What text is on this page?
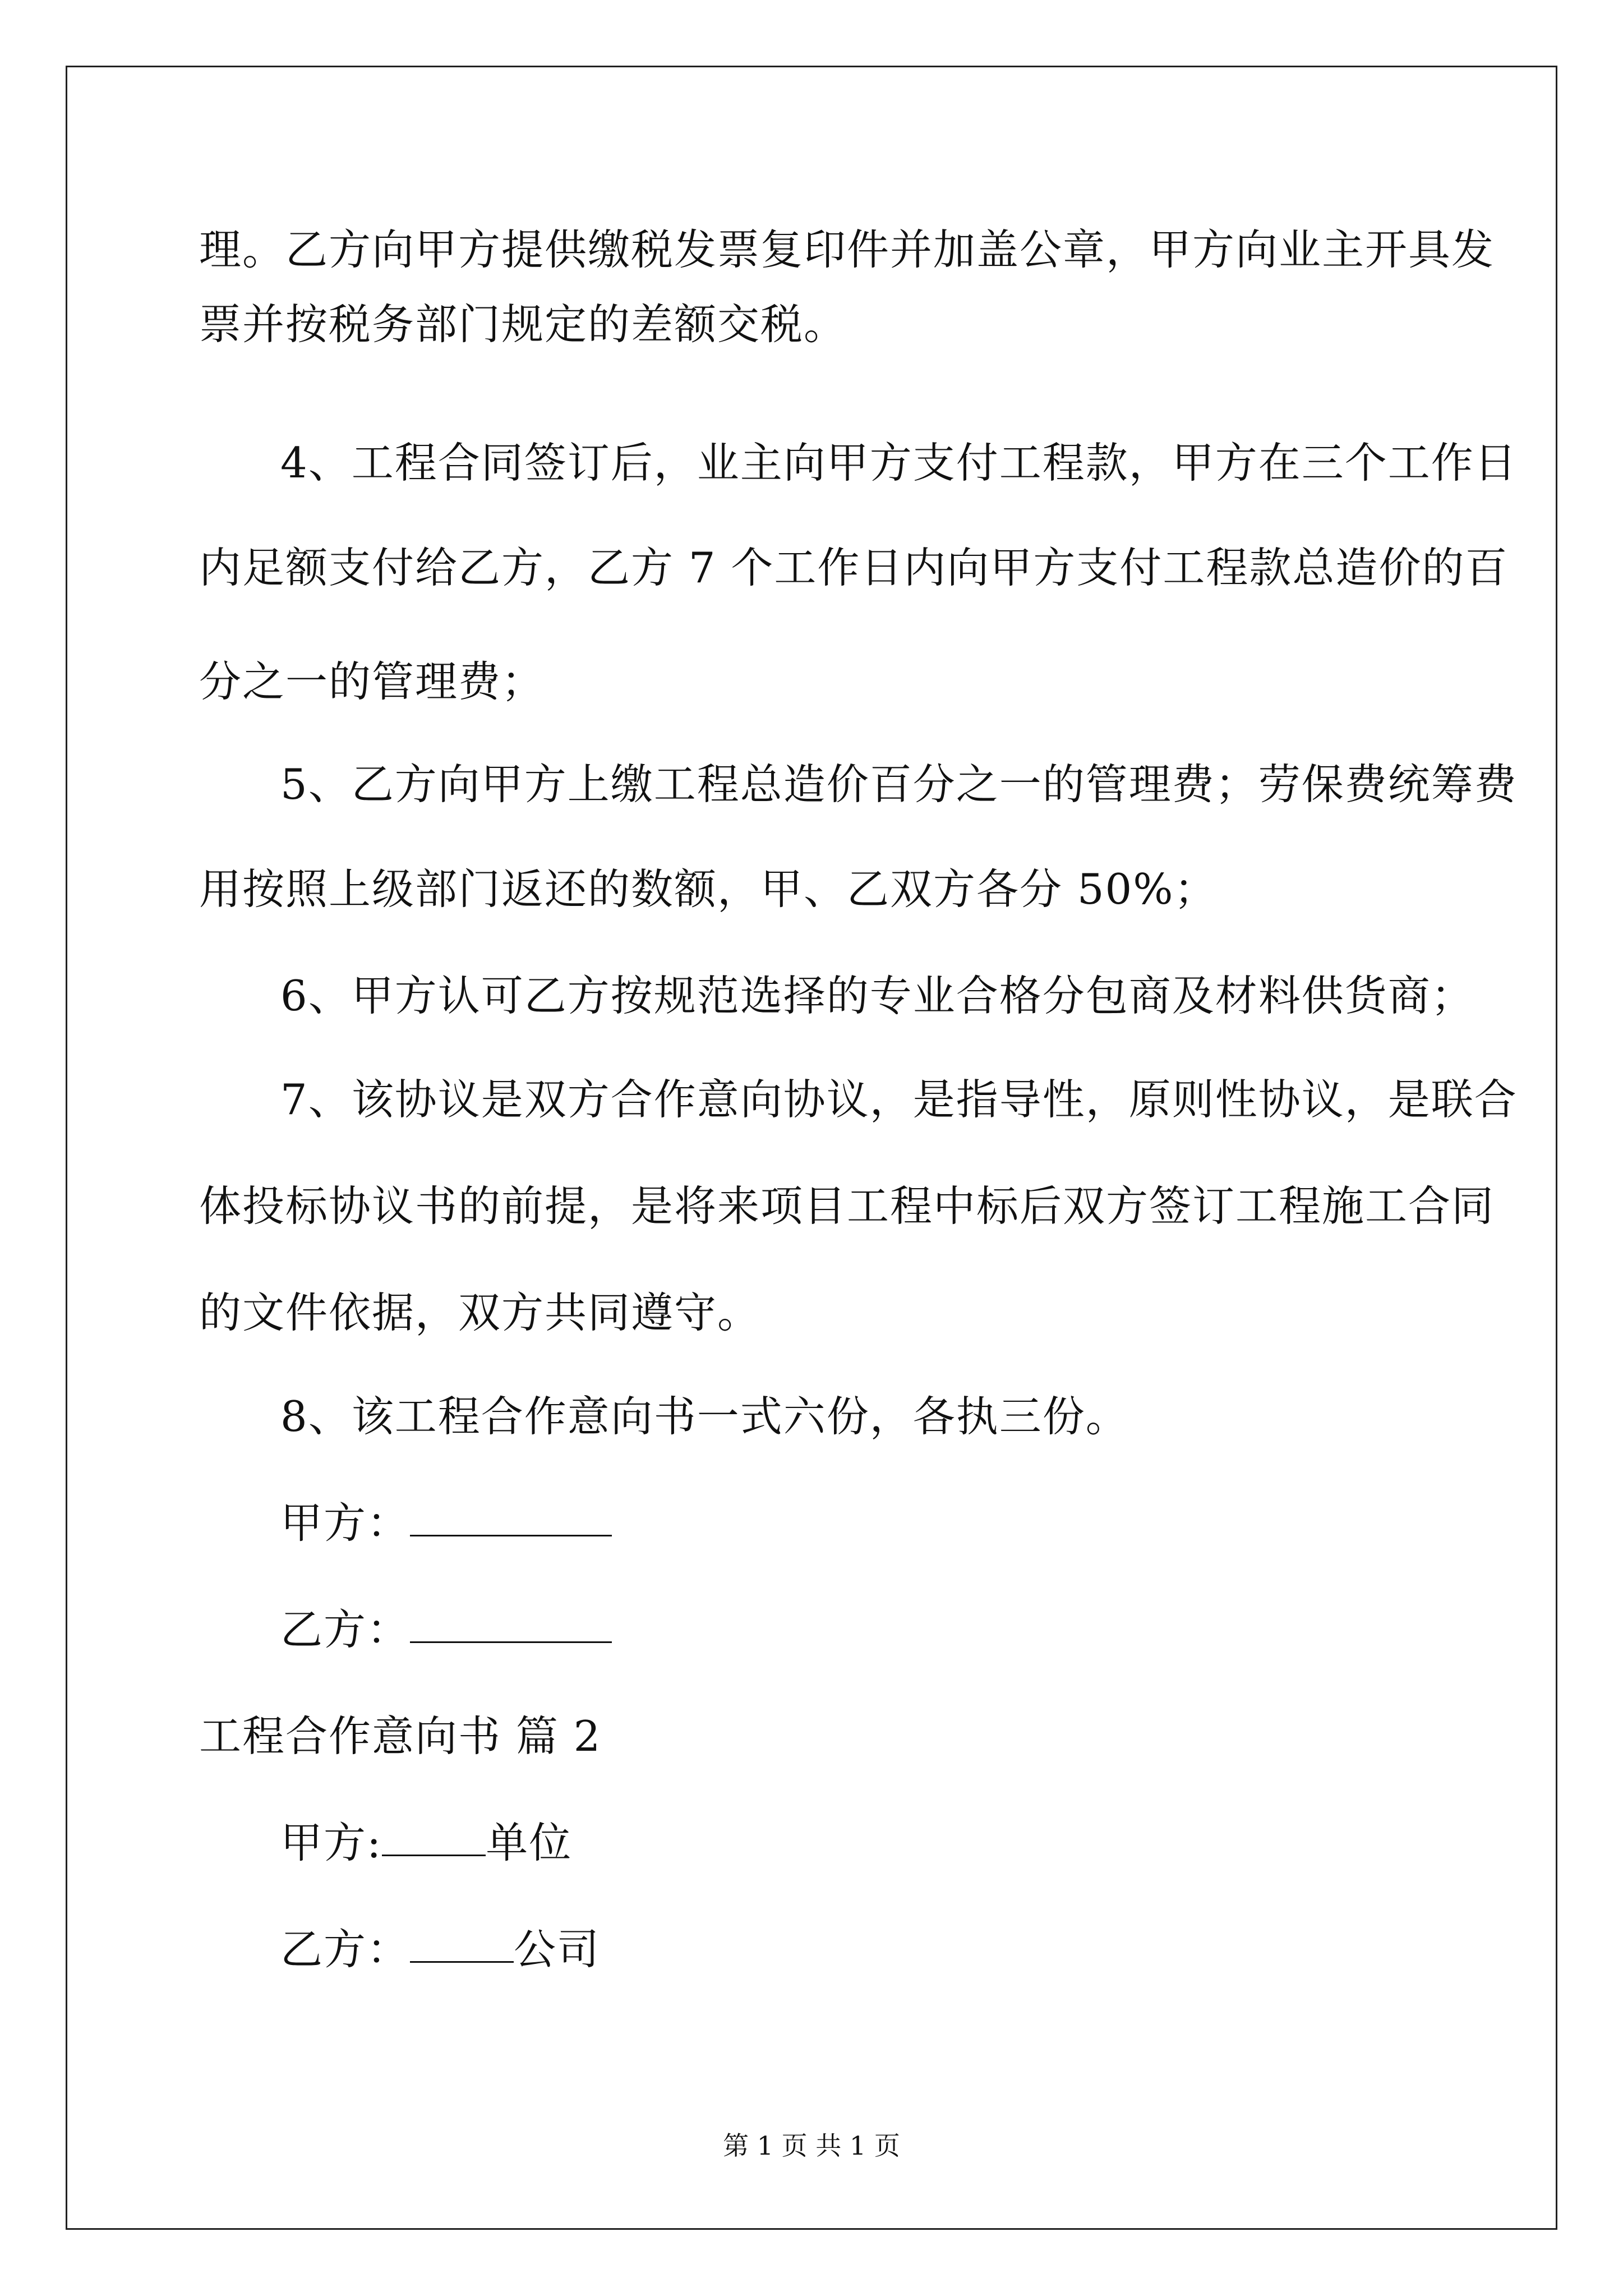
理。乙方向甲方提供缴税发票复印件并加盖公章，甲方向业主开具发
票并按税务部门规定的差额交税。
4、工程合同签订后，业主向甲方支付工程款，甲方在三个工作日
内足额支付给乙方，乙方 7 个工作日内向甲方支付工程款总造价的百
分之一的管理费；
5、乙方向甲方上缴工程总造价百分之一的管理费；劳保费统筹费
用按照上级部门返还的数额，甲、乙双方各分 50%；
6、甲方认可乙方按规范选择的专业合格分包商及材料供货商；
7、该协议是双方合作意向协议，是指导性，原则性协议，是联合
体投标协议书的前提，是将来项目工程中标后双方签订工程施工合同
的文件依据，双方共同遵守。
8、该工程合作意向书一式六份，各执三份。
甲方：
乙方：
工程合作意向书 篇 2
甲方: 单位
乙方： 公司
第 1 页 共 1 页
